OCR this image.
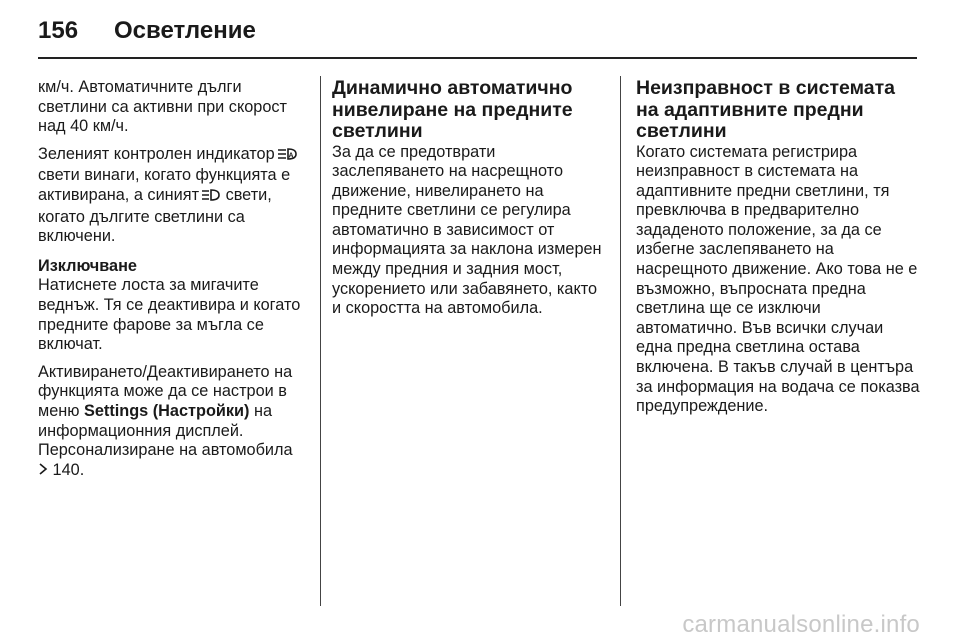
156 Осветление

км/ч. Автоматичните дълги светлини са активни при скорост над 40 км/ч.

Зеленият контролен индикатор A
свети винаги, когато функцията е активирана, а синият свети, когато дългите светлини са включени.

Изключване

Натиснете лоста за мигачите веднъж. Тя се деактивира и когато предните фарове за мъгла се включат.

Активирането/Деактивирането на функцията може да се настрои в меню Settings (Настройки) на информационния дисплей. Персонализиране на автомобила
140.

Динамично автоматично нивелиране на предните светлини

За да се предотврати заслепяването на насрещното движение, нивелирането на предните светлини се регулира автоматично в зависимост от информацията за наклона измерен между предния и задния мост, ускорението или забавянето, както и скоростта на автомобила.

Неизправност в системата на адаптивните предни светлини

Когато системата регистрира неизправност в системата на адаптивните предни светлини, тя превключва в предварително зададеното положение, за да се избегне заслепяването на насрещното движение. Ако това не е възможно, въпросната предна светлина ще се изключи автоматично. Във всички случаи една предна светлина остава включена. В такъв случай в центъра за информация на водача се показва предупреждение.

carmanualsonline.info
